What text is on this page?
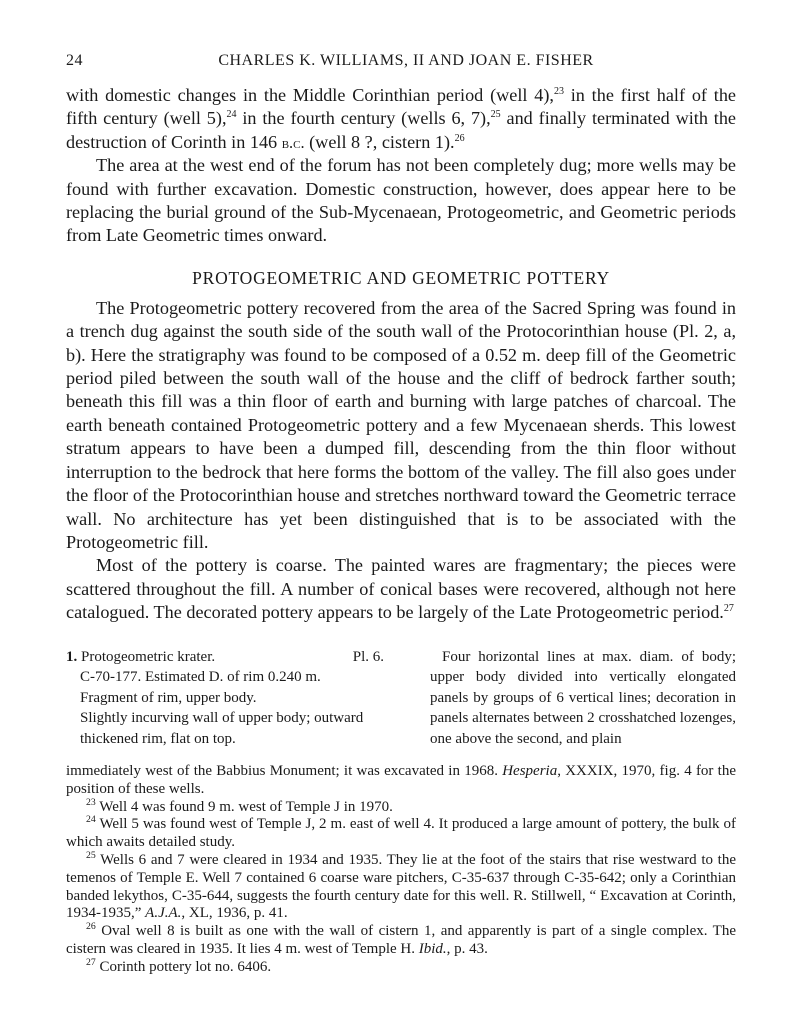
24	CHARLES K. WILLIAMS, II AND JOAN E. FISHER

with domestic changes in the Middle Corinthian period (well 4),$^{23}$ in the first half of the fifth century (well 5),$^{24}$ in the fourth century (wells 6, 7),$^{25}$ and finally terminated with the destruction of Corinth in 146 b.c. (well 8 ?, cistern 1).$^{26}$

The area at the west end of the forum has not been completely dug; more wells may be found with further excavation. Domestic construction, however, does appear here to be replacing the burial ground of the Sub-Mycenaean, Protogeometric, and Geometric periods from Late Geometric times onward.

PROTOGEOMETRIC AND GEOMETRIC POTTERY

The Protogeometric pottery recovered from the area of the Sacred Spring was found in a trench dug against the south side of the south wall of the Protocorinthian house (Pl. 2, a, b). Here the stratigraphy was found to be composed of a 0.52 m. deep fill of the Geometric period piled between the south wall of the house and the cliff of bedrock farther south; beneath this fill was a thin floor of earth and burning with large patches of charcoal. The earth beneath contained Protogeometric pottery and a few Mycenaean sherds. This lowest stratum appears to have been a dumped fill, descending from the thin floor without interruption to the bedrock that here forms the bottom of the valley. The fill also goes under the floor of the Protocorinthian house and stretches northward toward the Geometric terrace wall. No architecture has yet been distinguished that is to be associated with the Protogeometric fill.

Most of the pottery is coarse. The painted wares are fragmentary; the pieces were scattered throughout the fill. A number of conical bases were recovered, although not here catalogued. The decorated pottery appears to be largely of the Late Protogeometric period.$^{27}$

1. Protogeometric krater.	Pl. 6.
C-70-177. Estimated D. of rim 0.240 m.
Fragment of rim, upper body.
Slightly incurving wall of upper body; outward thickened rim, flat on top.

Four horizontal lines at max. diam. of body; upper body divided into vertically elongated panels by groups of 6 vertical lines; decoration in panels alternates between 2 crosshatched lozenges, one above the second, and plain

immediately west of the Babbius Monument; it was excavated in 1968. Hesperia, XXXIX, 1970, fig. 4 for the position of these wells.

$^{23}$ Well 4 was found 9 m. west of Temple J in 1970.

$^{24}$ Well 5 was found west of Temple J, 2 m. east of well 4. It produced a large amount of pottery, the bulk of which awaits detailed study.

$^{25}$ Wells 6 and 7 were cleared in 1934 and 1935. They lie at the foot of the stairs that rise westward to the temenos of Temple E. Well 7 contained 6 coarse ware pitchers, C-35-637 through C-35-642; only a Corinthian banded lekythos, C-35-644, suggests the fourth century date for this well. R. Stillwell, “ Excavation at Corinth, 1934-1935,” A.J.A., XL, 1936, p. 41.

$^{26}$ Oval well 8 is built as one with the wall of cistern 1, and apparently is part of a single complex. The cistern was cleared in 1935. It lies 4 m. west of Temple H. Ibid., p. 43.

$^{27}$ Corinth pottery lot no. 6406.
